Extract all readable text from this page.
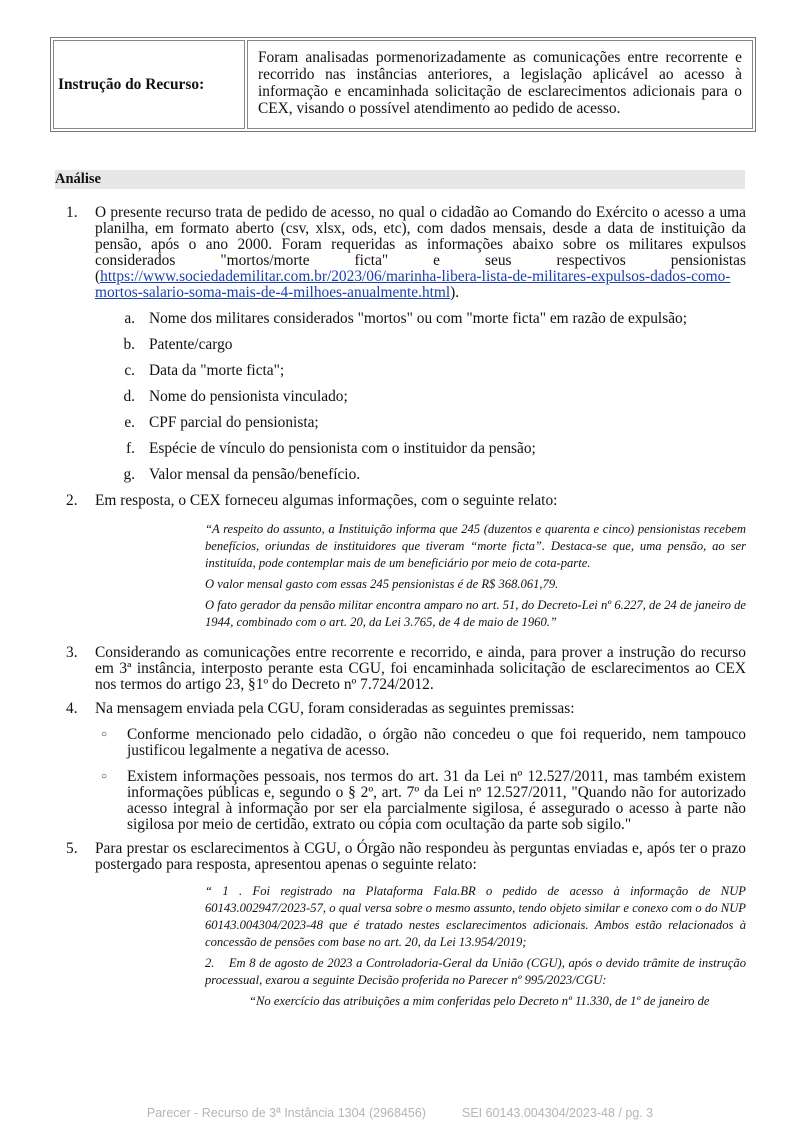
Instrução do Recurso:
Foram analisadas pormenorizadamente as comunicações entre recorrente e recorrido nas instâncias anteriores, a legislação aplicável ao acesso à informação e encaminhada solicitação de esclarecimentos adicionais para o CEX, visando o possível atendimento ao pedido de acesso.
Análise
1.	O presente recurso trata de pedido de acesso, no qual o cidadão ao Comando do Exército o acesso a uma planilha, em formato aberto (csv, xlsx, ods, etc), com dados mensais, desde a data de instituição da pensão, após o ano 2000. Foram requeridas as informações abaixo sobre os militares expulsos considerados "mortos/morte ficta" e seus respectivos pensionistas (https://www.sociedademilitar.com.br/2023/06/marinha-libera-lista-de-militares-expulsos-dados-como-mortos-salario-soma-mais-de-4-milhoes-anualmente.html).
a. Nome dos militares considerados "mortos" ou com "morte ficta" em razão de expulsão;
b. Patente/cargo
c. Data da "morte ficta";
d. Nome do pensionista vinculado;
e. CPF parcial do pensionista;
f. Espécie de vínculo do pensionista com o instituidor da pensão;
g. Valor mensal da pensão/benefício.
2.	Em resposta, o CEX forneceu algumas informações, com o seguinte relato:

“A respeito do assunto, a Instituição informa que 245 (duzentos e quarenta e cinco) pensionistas recebem benefícios, oriundas de instituidores que tiveram “morte ficta”. Destaca-se que, uma pensão, ao ser instituída, pode contemplar mais de um beneficiário por meio de cota-parte.

O valor mensal gasto com essas 245 pensionistas é de R$ 368.061,79.

O fato gerador da pensão militar encontra amparo no art. 51, do Decreto-Lei nº 6.227, de 24 de janeiro de 1944, combinado com o art. 20, da Lei 3.765, de 4 de maio de 1960.”

3.	Considerando as comunicações entre recorrente e recorrido, e ainda, para prover a instrução do recurso em 3ª instância, interposto perante esta CGU, foi encaminhada solicitação de esclarecimentos ao CEX nos termos do artigo 23, §1º do Decreto nº 7.724/2012.
4.	Na mensagem enviada pela CGU, foram consideradas as seguintes premissas:
○	Conforme mencionado pelo cidadão, o órgão não concedeu o que foi requerido, nem tampouco justificou legalmente a negativa de acesso.
○	Existem informações pessoais, nos termos do art. 31 da Lei nº 12.527/2011, mas também existem informações públicas e, segundo o § 2º, art. 7º da Lei nº 12.527/2011, "Quando não for autorizado acesso integral à informação por ser ela parcialmente sigilosa, é assegurado o acesso à parte não sigilosa por meio de certidão, extrato ou cópia com ocultação da parte sob sigilo."
5.	Para prestar os esclarecimentos à CGU, o Órgão não respondeu às perguntas enviadas e, após ter o prazo postergado para resposta, apresentou apenas o seguinte relato:

“ 1 . Foi registrado na Plataforma Fala.BR o pedido de acesso à informação de NUP 60143.002947/2023-57, o qual versa sobre o mesmo assunto, tendo objeto similar e conexo com o do NUP 60143.004304/2023-48 que é tratado nestes esclarecimentos adicionais. Ambos estão relacionados à concessão de pensões com base no art. 20, da Lei 13.954/2019;

2.    Em 8 de agosto de 2023 a Controladoria-Geral da União (CGU), após o devido trâmite de instrução processual, exarou a seguinte Decisão proferida no Parecer nº 995/2023/CGU:

“No exercício das atribuições a mim conferidas pelo Decreto nº 11.330, de 1º de janeiro de

Parecer - Recurso de 3ª Instância 1304 (2968456)	SEI 60143.004304/2023-48 / pg. 3
